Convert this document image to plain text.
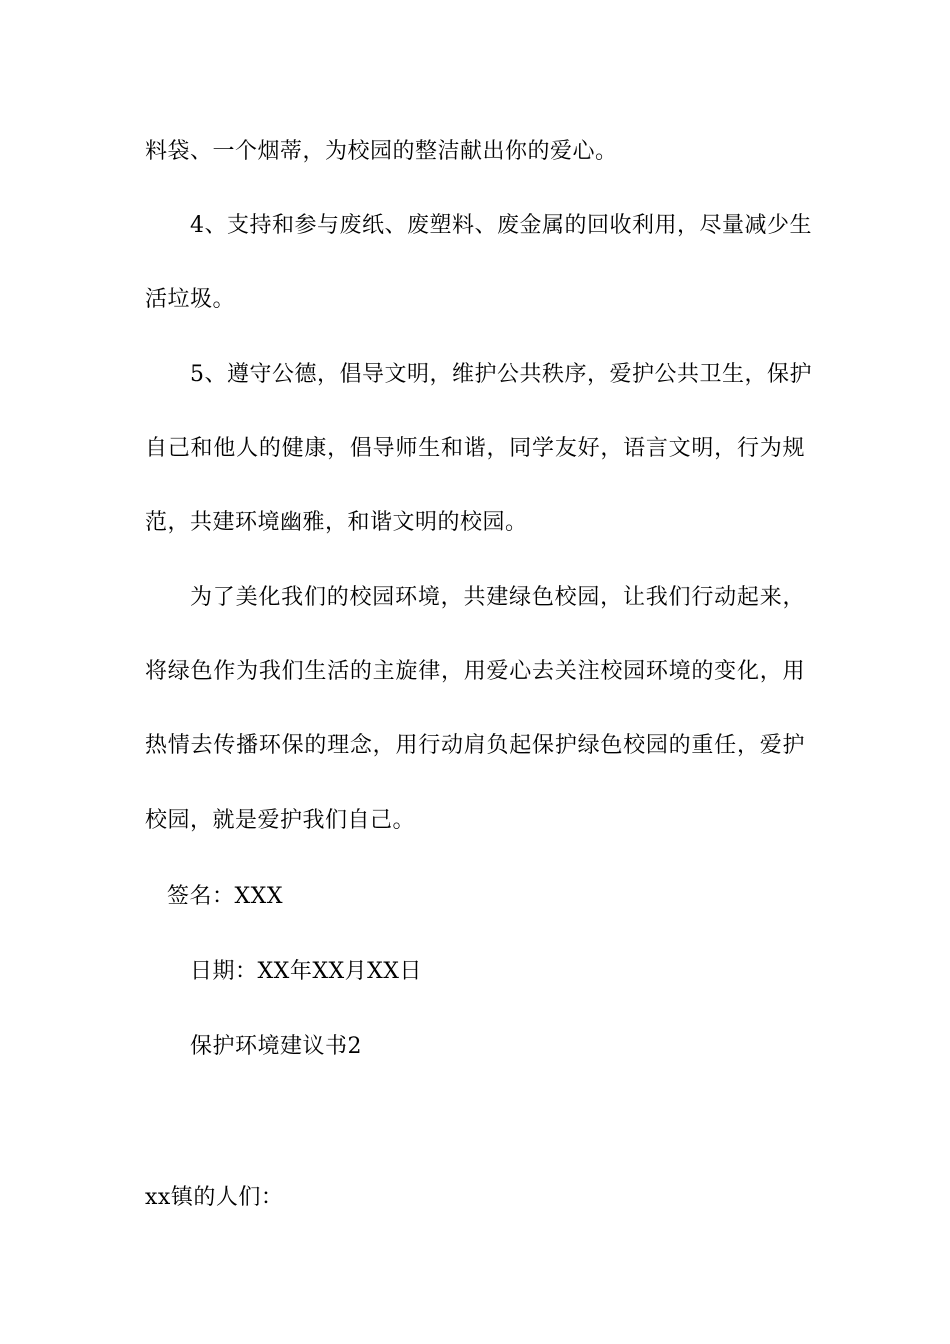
料袋、一个烟蒂，为校园的整洁献出你的爱心。
4、支持和参与废纸、废塑料、废金属的回收利用，尽量减少生
活垃圾。
5、遵守公德，倡导文明，维护公共秩序，爱护公共卫生，保护
自己和他人的健康，倡导师生和谐，同学友好，语言文明，行为规
范，共建环境幽雅，和谐文明的校园。
为了美化我们的校园环境，共建绿色校园，让我们行动起来，
将绿色作为我们生活的主旋律，用爱心去关注校园环境的变化，用
热情去传播环保的理念，用行动肩负起保护绿色校园的重任，爱护
校园，就是爱护我们自己。
签名：XXX
日期：XX年XX月XX日
保护环境建议书2
xx镇的人们：
